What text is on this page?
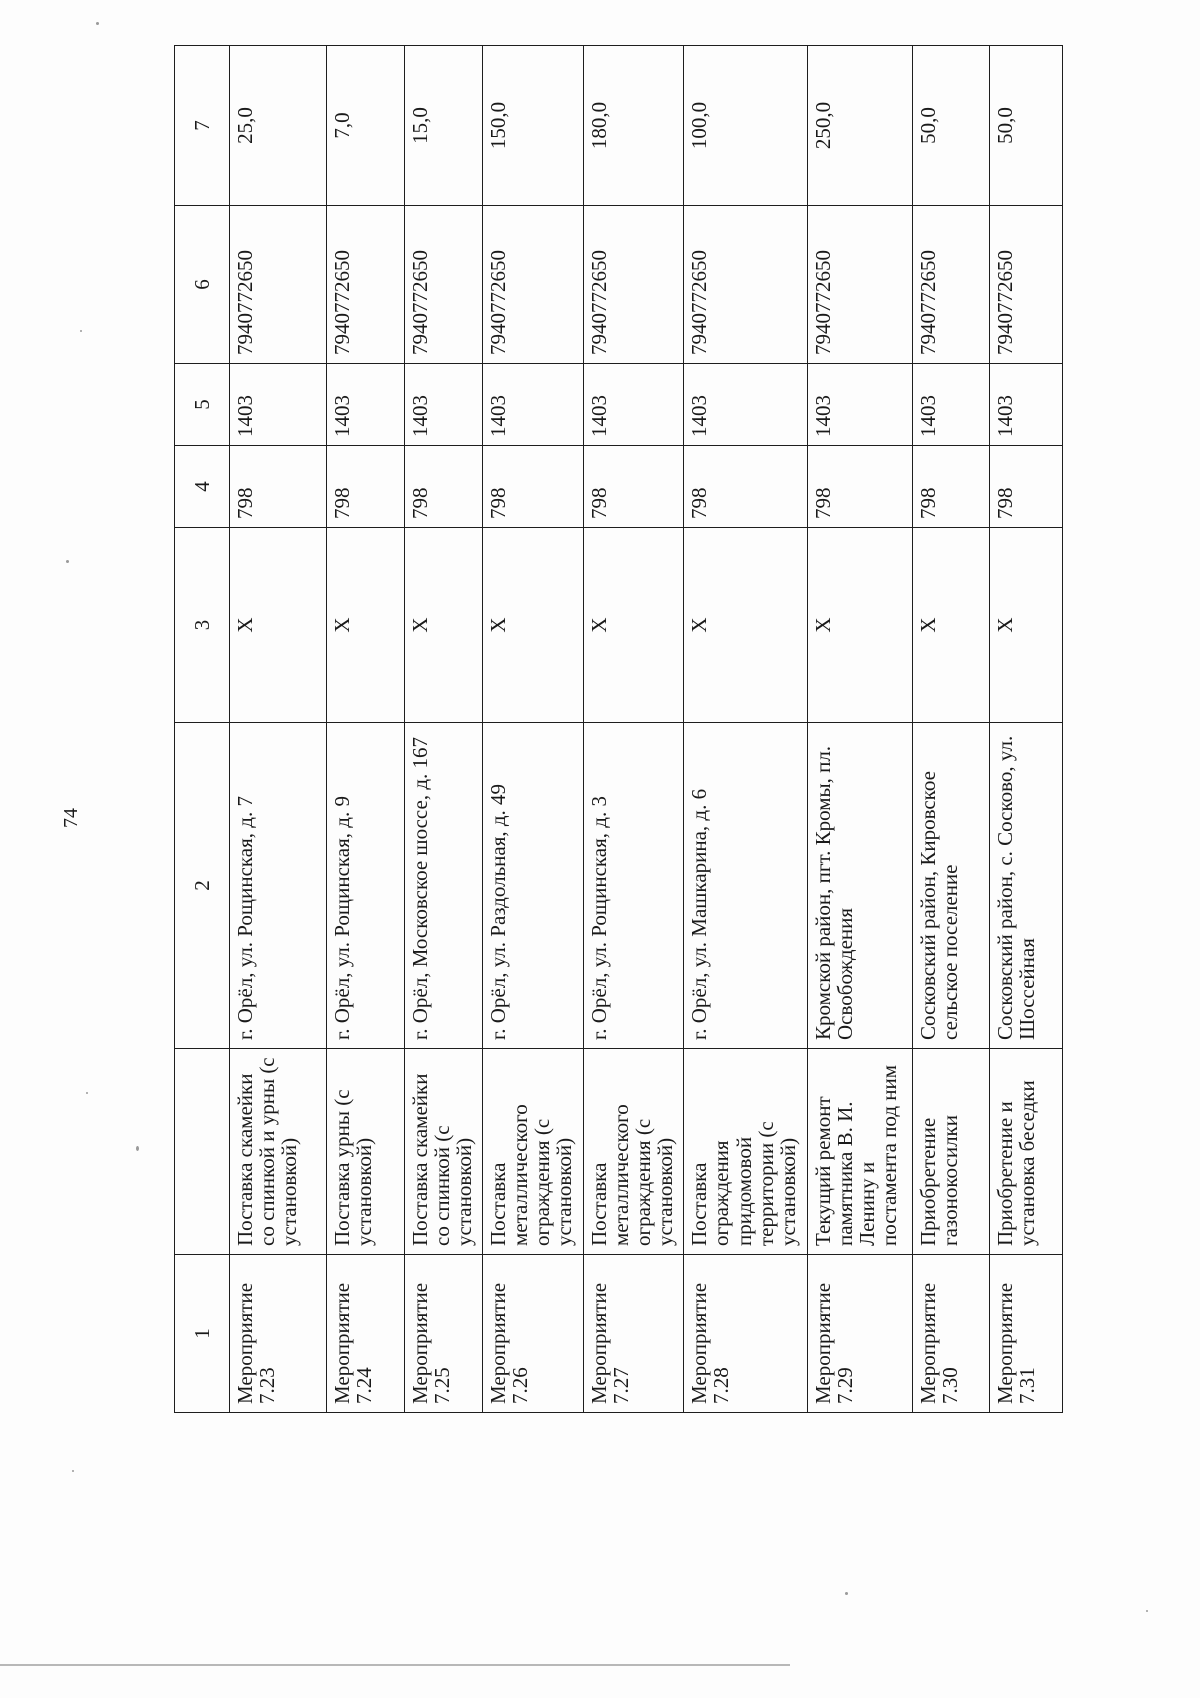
74
1		2	3	4	5	6	7
Мероприятие 7.23	Поставка скамейки со спинкой и урны (с установкой)	г. Орёл, ул. Рощинская, д. 7	Х	798	1403	7940772650	25,0
Мероприятие 7.24	Поставка урны (с установкой)	г. Орёл, ул. Рощинская, д. 9	Х	798	1403	7940772650	7,0
Мероприятие 7.25	Поставка скамейки со спинкой (с установкой)	г. Орёл, Московское шоссе, д. 167	Х	798	1403	7940772650	15,0
Мероприятие 7.26	Поставка металлического ограждения (с установкой)	г. Орёл, ул. Раздольная, д. 49	Х	798	1403	7940772650	150,0
Мероприятие 7.27	Поставка металлического ограждения (с установкой)	г. Орёл, ул. Рощинская, д. 3	Х	798	1403	7940772650	180,0
Мероприятие 7.28	Поставка ограждения придомовой территории (с установкой)	г. Орёл, ул. Машкарина, д. 6	Х	798	1403	7940772650	100,0
Мероприятие 7.29	Текущий ремонт памятника В. И. Ленину и постамента под ним	Кромской район, пгт. Кромы, пл. Освобождения	Х	798	1403	7940772650	250,0
Мероприятие 7.30	Приобретение газонокосилки	Сосковский район, Кировское сельское поселение	Х	798	1403	7940772650	50,0
Мероприятие 7.31	Приобретение и установка беседки	Сосковский район, с. Сосково, ул. Шоссейная	Х	798	1403	7940772650	50,0
